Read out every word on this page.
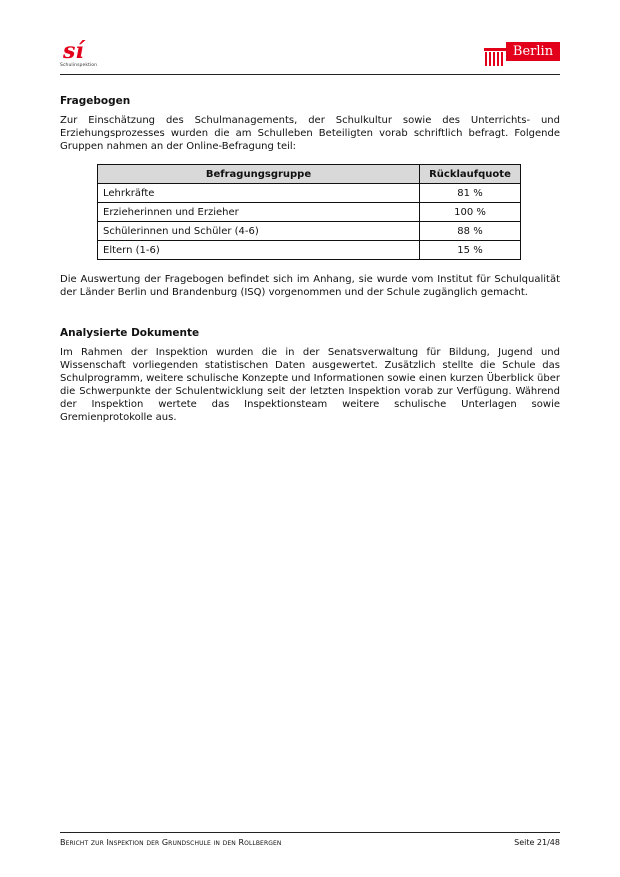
sí
Schulinspektion
Berlin
Fragebogen

Zur Einschätzung des Schulmanagements, der Schulkultur sowie des Unterrichts- und Erziehungsprozesses wurden die am Schulleben Beteiligten vorab schriftlich befragt. Folgende Gruppen nahmen an der Online-Befragung teil:

Befragungsgruppe	Rücklaufquote
Lehrkräfte	81 %
Erzieherinnen und Erzieher	100 %
Schülerinnen und Schüler (4-6)	88 %
Eltern (1-6)	15 %

Die Auswertung der Fragebogen befindet sich im Anhang, sie wurde vom Institut für Schulqualität der Länder Berlin und Brandenburg (ISQ) vorgenommen und der Schule zugänglich gemacht.

Analysierte Dokumente

Im Rahmen der Inspektion wurden die in der Senatsverwaltung für Bildung, Jugend und Wissenschaft vorliegenden statistischen Daten ausgewertet. Zusätzlich stellte die Schule das Schulprogramm, weitere schulische Konzepte und Informationen sowie einen kurzen Überblick über die Schwerpunkte der Schulentwicklung seit der letzten Inspektion vorab zur Verfügung. Während der Inspektion wertete das Inspektionsteam weitere schulische Unterlagen sowie Gremienprotokolle aus.

Bericht zur Inspektion der Grundschule in den Rollbergen	Seite 21/48
